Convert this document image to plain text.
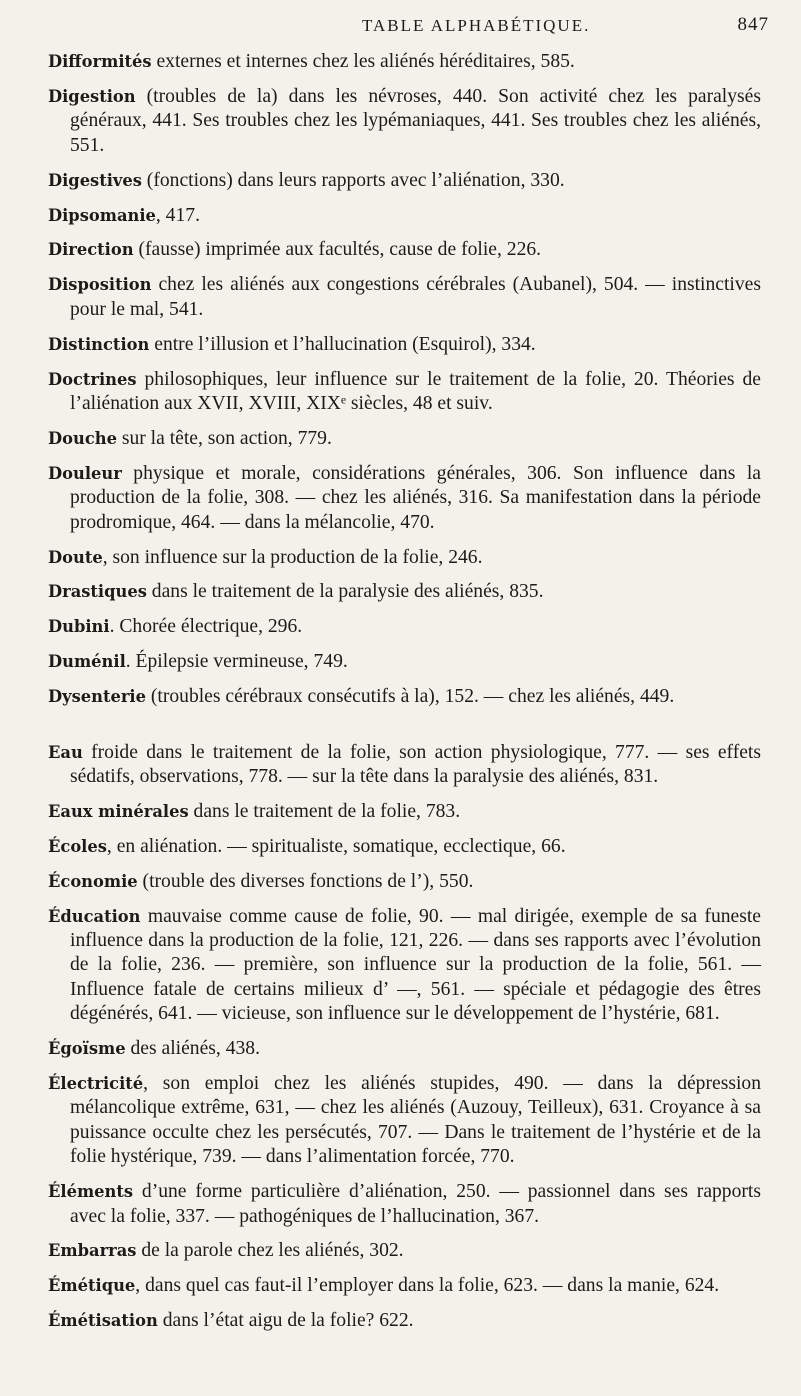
TABLE ALPHABÉTIQUE.	847

Difformités externes et internes chez les aliénés héréditaires, 585.

Digestion (troubles de la) dans les névroses, 440. Son activité chez les paralysés généraux, 441. Ses troubles chez les lypémaniaques, 441. Ses troubles chez les aliénés, 551.

Digestives (fonctions) dans leurs rapports avec l’aliénation, 330.

Dipsomanie, 417.

Direction (fausse) imprimée aux facultés, cause de folie, 226.

Disposition chez les aliénés aux congestions cérébrales (Aubanel), 504. — instinctives pour le mal, 541.

Distinction entre l’illusion et l’hallucination (Esquirol), 334.

Doctrines philosophiques, leur influence sur le traitement de la folie, 20. Théories de l’aliénation aux XVII, XVIII, XIXᵉ siècles, 48 et suiv.

Douche sur la tête, son action, 779.

Douleur physique et morale, considérations générales, 306. Son influence dans la production de la folie, 308. — chez les aliénés, 316. Sa manifestation dans la période prodromique, 464. — dans la mélancolie, 470.

Doute, son influence sur la production de la folie, 246.

Drastiques dans le traitement de la paralysie des aliénés, 835.

Dubini. Chorée électrique, 296.

Duménil. Épilepsie vermineuse, 749.

Dysenterie (troubles cérébraux consécutifs à la), 152. — chez les aliénés, 449.

Eau froide dans le traitement de la folie, son action physiologique, 777. — ses effets sédatifs, observations, 778. — sur la tête dans la paralysie des aliénés, 831.

Eaux minérales dans le traitement de la folie, 783.

Écoles, en aliénation. — spiritualiste, somatique, ecclectique, 66.

Économie (trouble des diverses fonctions de l’), 550.

Éducation mauvaise comme cause de folie, 90. — mal dirigée, exemple de sa funeste influence dans la production de la folie, 121, 226. — dans ses rapports avec l’évolution de la folie, 236. — première, son influence sur la production de la folie, 561. — Influence fatale de certains milieux d’ —, 561. — spéciale et pédagogie des êtres dégénérés, 641. — vicieuse, son influence sur le développement de l’hystérie, 681.

Égoïsme des aliénés, 438.

Électricité, son emploi chez les aliénés stupides, 490. — dans la dépression mélancolique extrême, 631, — chez les aliénés (Auzouy, Teilleux), 631. Croyance à sa puissance occulte chez les persécutés, 707. — Dans le traitement de l’hystérie et de la folie hystérique, 739. — dans l’alimentation forcée, 770.

Éléments d’une forme particulière d’aliénation, 250. — passionnel dans ses rapports avec la folie, 337. — pathogéniques de l’hallucination, 367.

Embarras de la parole chez les aliénés, 302.

Émétique, dans quel cas faut-il l’employer dans la folie, 623. — dans la manie, 624.

Émétisation dans l’état aigu de la folie? 622.
